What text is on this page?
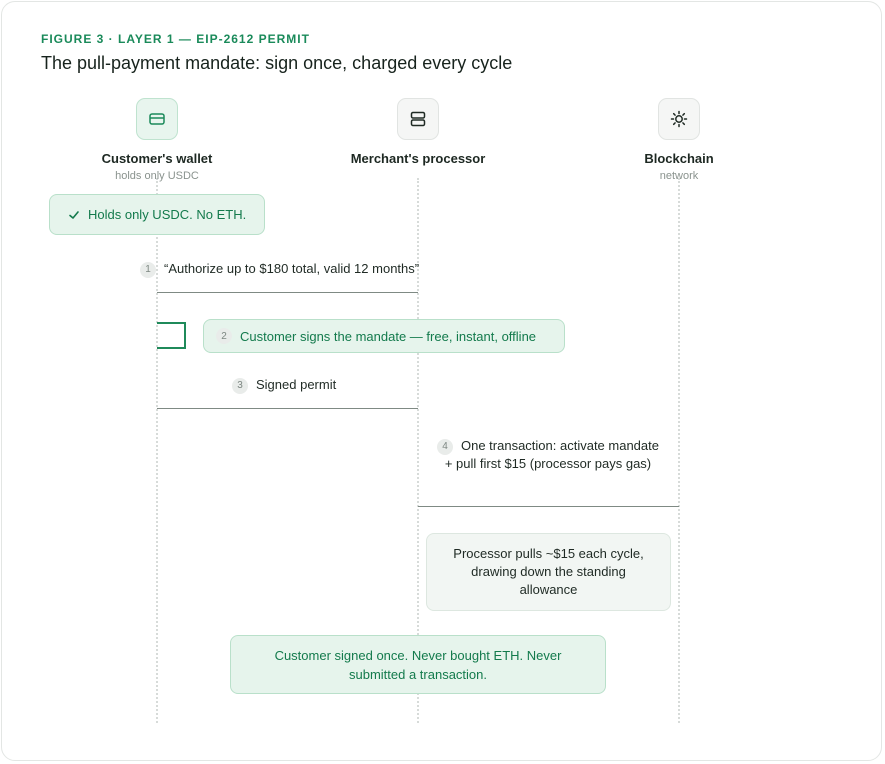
FIGURE 3 · LAYER 1 — EIP-2612 PERMIT
The pull-payment mandate: sign once, charged every cycle
Customer's wallet
holds only USDC
Merchant's processor	Blockchain
network
Holds only USDC. No ETH.
1 “Authorize up to $180 total, valid 12 months”
2	Customer signs the mandate — free, instant, offline
3 Signed permit
4 One transaction: activate mandate + pull first $15 (processor pays gas)
Processor pulls ~$15 each cycle, drawing down the standing allowance
Customer signed once. Never bought ETH. Never submitted a transaction.
